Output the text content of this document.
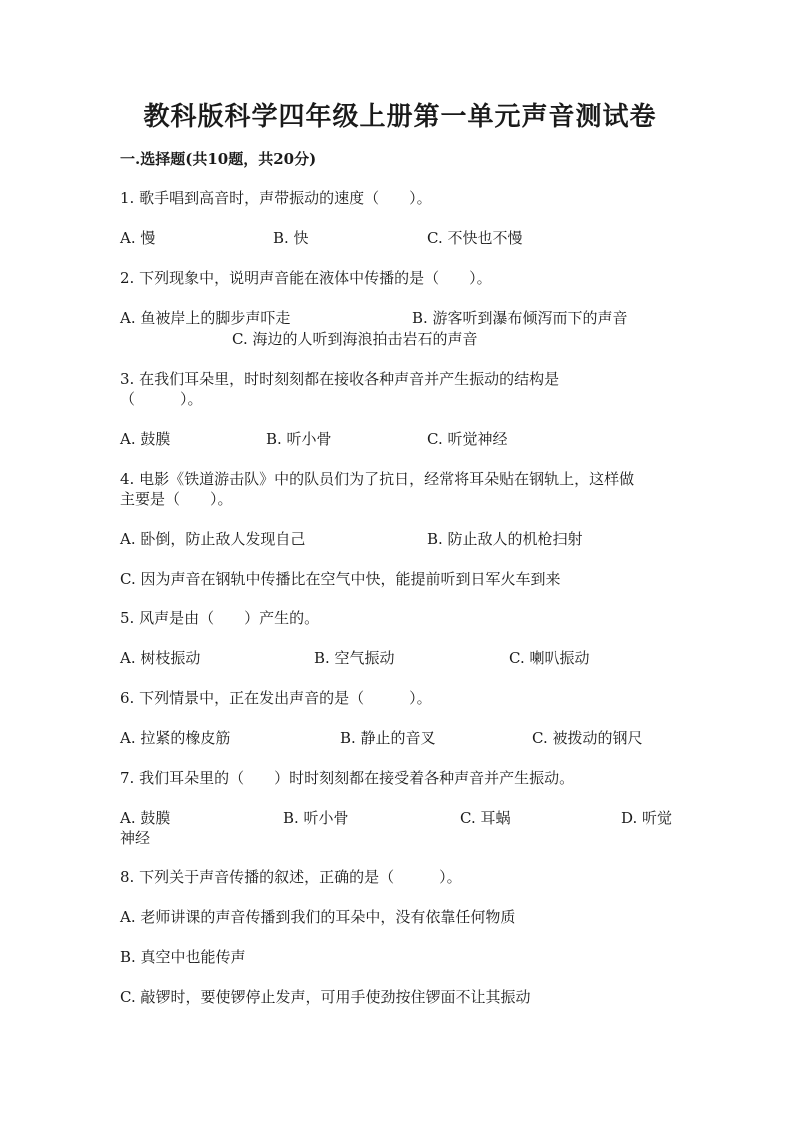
教科版科学四年级上册第一单元声音测试卷
一.选择题(共10题，共20分)
1. 歌手唱到高音时，声带振动的速度（　　）。
A. 慢	B. 快	C. 不快也不慢
2. 下列现象中，说明声音能在液体中传播的是（　　）。
A. 鱼被岸上的脚步声吓走	B. 游客听到瀑布倾泻而下的声音
C. 海边的人听到海浪拍击岩石的声音
3. 在我们耳朵里，时时刻刻都在接收各种声音并产生振动的结构是
（　　　）。
A. 鼓膜	B. 听小骨	C. 听觉神经
4. 电影《铁道游击队》中的队员们为了抗日，经常将耳朵贴在钢轨上，这样做
主要是（　　）。
A. 卧倒，防止敌人发现自己	B. 防止敌人的机枪扫射
C. 因为声音在钢轨中传播比在空气中快，能提前听到日军火车到来
5. 风声是由（　　）产生的。
A. 树枝振动	B. 空气振动	C. 喇叭振动
6. 下列情景中，正在发出声音的是（　　　）。
A. 拉紧的橡皮筋	B. 静止的音叉	C. 被拨动的钢尺
7. 我们耳朵里的（　　）时时刻刻都在接受着各种声音并产生振动。
A. 鼓膜	B. 听小骨	C. 耳蜗	D. 听觉
神经
8. 下列关于声音传播的叙述，正确的是（　　　）。
A. 老师讲课的声音传播到我们的耳朵中，没有依靠任何物质
B. 真空中也能传声
C. 敲锣时，要使锣停止发声，可用手使劲按住锣面不让其振动
